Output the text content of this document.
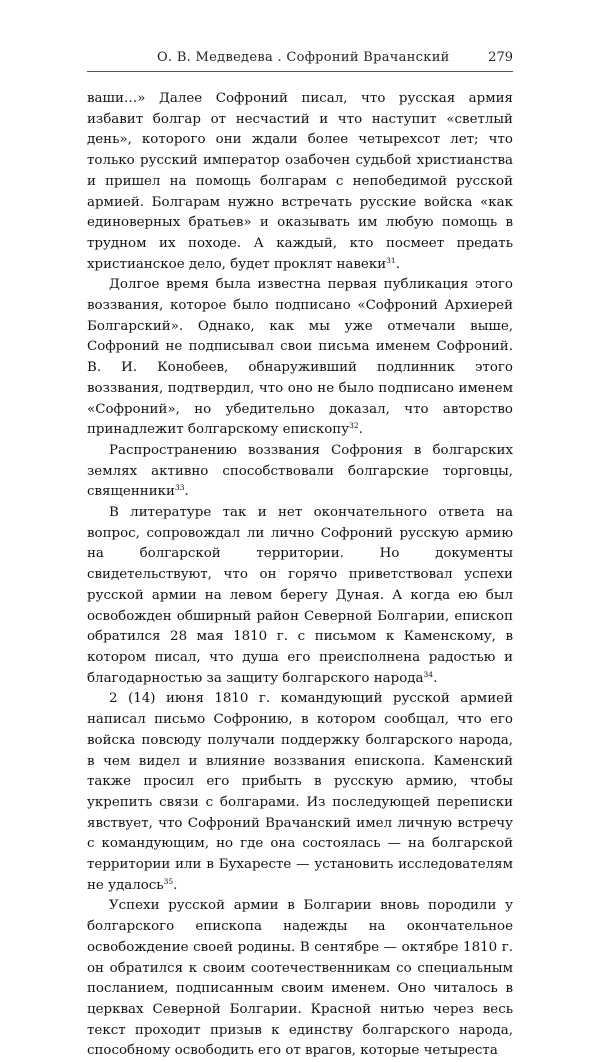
О. В. Медведева . Софроний Врачанский	279

ваши…» Далее Софроний писал, что русская армия избавит болгар от несчастий и что наступит «светлый день», которого они ждали более четырехсот лет; что только русский император озабочен судьбой христианства и пришел на помощь болгарам с непобедимой русской армией. Болгарам нужно встречать русские войска «как единоверных братьев» и оказывать им любую помощь в трудном их походе. А каждый, кто посмеет предать христианское дело, будет проклят навеки$^{31}$.

Долгое время была известна первая публикация этого воззвания, которое было подписано «Софроний Архиерей Болгарский». Однако, как мы уже отмечали выше, Софроний не подписывал свои письма именем Софроний. В. И. Конобеев, обнаруживший подлинник этого воззвания, подтвердил, что оно не было подписано именем «Софроний», но убедительно доказал, что авторство принадлежит болгарскому епископу$^{32}$.

Распространению воззвания Софрония в болгарских землях активно способствовали болгарские торговцы, священники$^{33}$.

В литературе так и нет окончательного ответа на вопрос, сопровождал ли лично Софроний русскую армию на болгарской территории. Но документы свидетельствуют, что он горячо приветствовал успехи русской армии на левом берегу Дуная. А когда ею был освобожден обширный район Северной Болгарии, епископ обратился 28 мая 1810 г. с письмом к Каменскому, в котором писал, что душа его преисполнена радостью и благодарностью за защиту болгарского народа$^{34}$.

2 (14) июня 1810 г. командующий русской армией написал письмо Софронию, в котором сообщал, что его войска повсюду получали поддержку болгарского народа, в чем видел и влияние воззвания епископа. Каменский также просил его прибыть в русскую армию, чтобы укрепить связи с болгарами. Из последующей переписки явствует, что Софроний Врачанский имел личную встречу с командующим, но где она состоялась — на болгарской территории или в Бухаресте — установить исследователям не удалось$^{35}$.

Успехи русской армии в Болгарии вновь породили у болгарского епископа надежды на окончательное освобождение своей родины. В сентябре — октябре 1810 г. он обратился к своим соотечественникам со специальным посланием, подписанным своим именем. Оно читалось в церквах Северной Болгарии. Красной нитью через весь текст проходит призыв к единству болгарского народа, способному освободить его от врагов, которые четыреста
